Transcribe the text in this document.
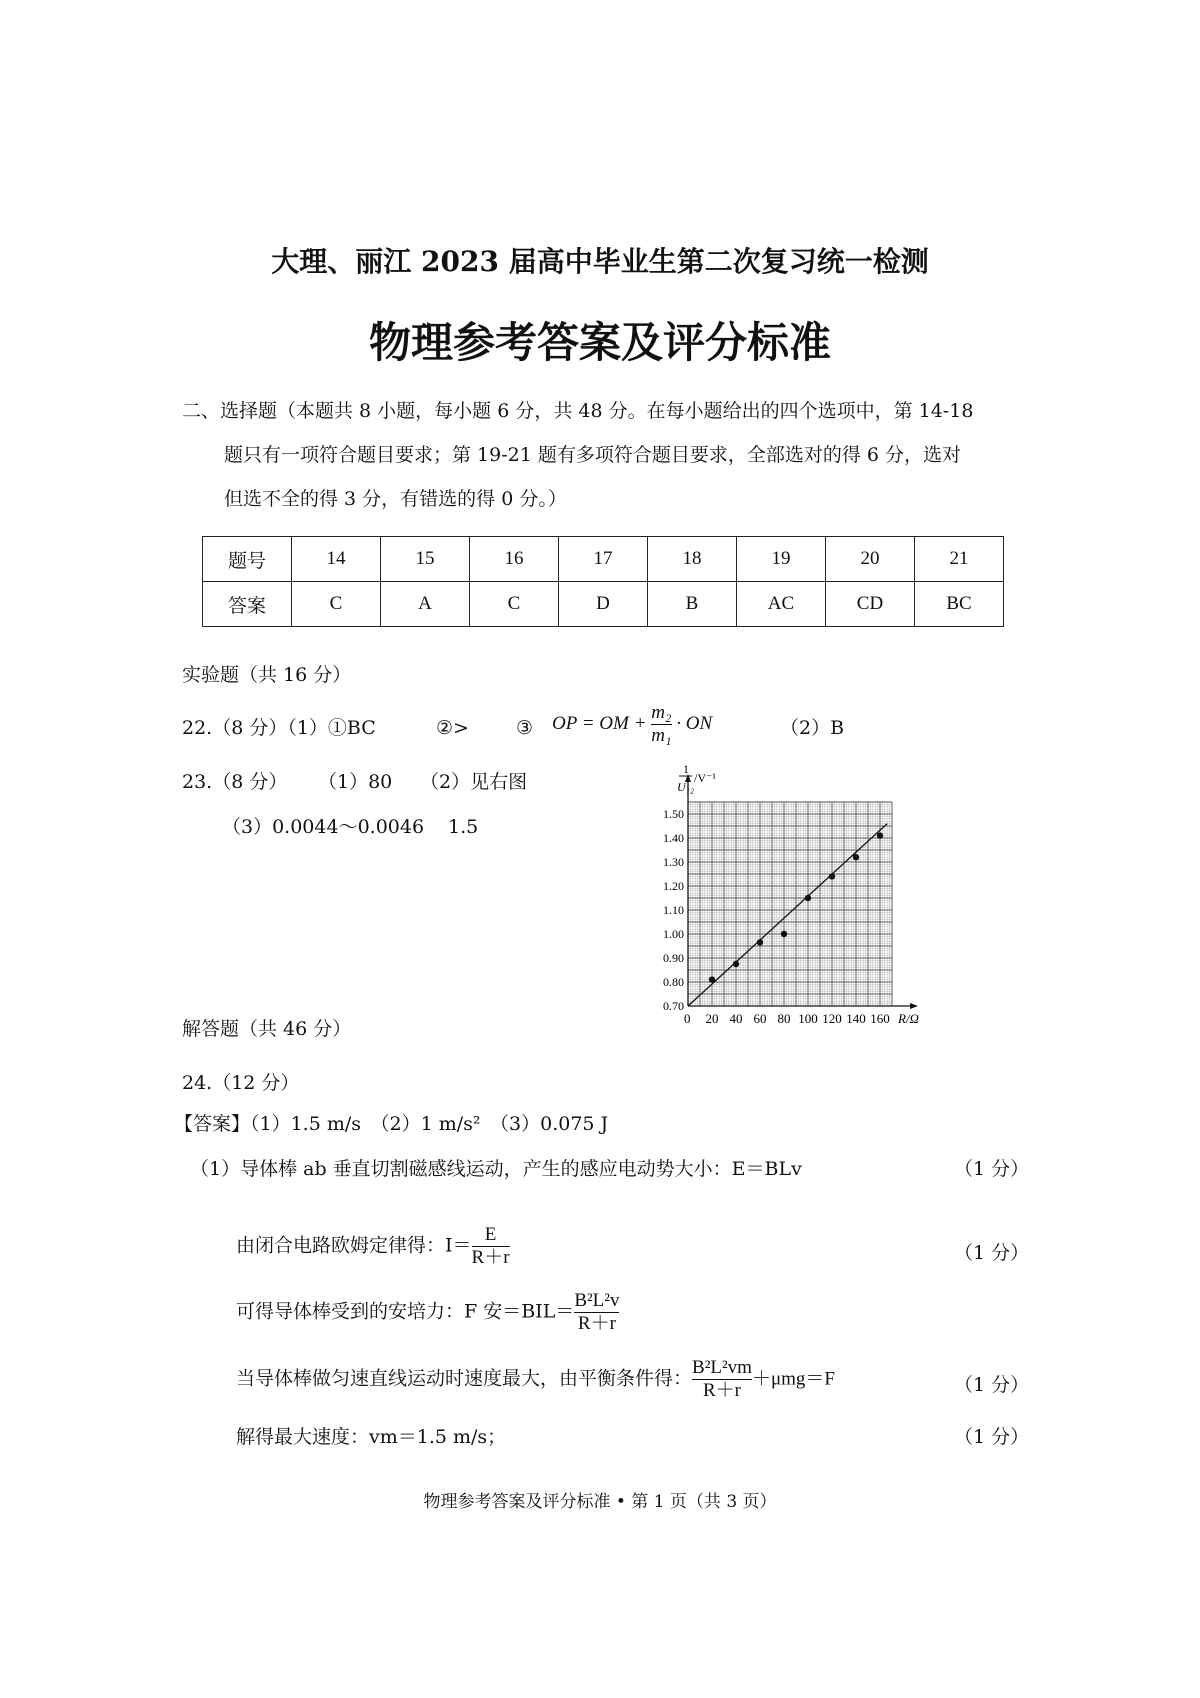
大理、丽江 2023 届高中毕业生第二次复习统一检测
物理参考答案及评分标准
二、选择题（本题共 8 小题，每小题 6 分，共 48 分。在每小题给出的四个选项中，第 14-18
题只有一项符合题目要求；第 19-21 题有多项符合题目要求，全部选对的得 6 分，选对
但选不全的得 3 分，有错选的得 0 分。）
题号	14	15	16	17	18	19	20	21
答案	C	A	C	D	B	AC	CD	BC
实验题（共 16 分）
22.（8 分）（1）①BC	②> ③ OP = OM + $\frac{\text{m₂}}{\text{m₁}}$ · ON	（2）B
23.（8 分） （1）80 （2）见右图
（3）0.0044～0.0046 1.5
20 40 60 80 100 120 140 160
0.70
0.80
0.90
1.00
1.10
1.20
1.30
1.40
1.50
1
U₁₂
/V⁻¹
R/Ω
0
解答题（共 46 分）
24.（12 分）
【答案】（1）1.5 m/s　（2）1 m/s²　（3）0.075 J
（1）导体棒 ab 垂直切割磁感线运动，产生的感应电动势大小：E＝BLv	（1 分）
由闭合电路欧姆定律得：$I= \frac{E}{R+r}$	（1 分）
可得导体棒受到的安培力：F 安$=BIL= \frac{\text{B²L²v}}{R+r}$
当导体棒做匀速直线运动时速度最大，由平衡条件得： $\frac{\text{B²L²vm}}{R+r} +\mu mg=F$	（1 分）
解得最大速度：vm＝1.5 m/s；	（1 分）
物理参考答案及评分标准 • 第 1 页（共 3 页）
